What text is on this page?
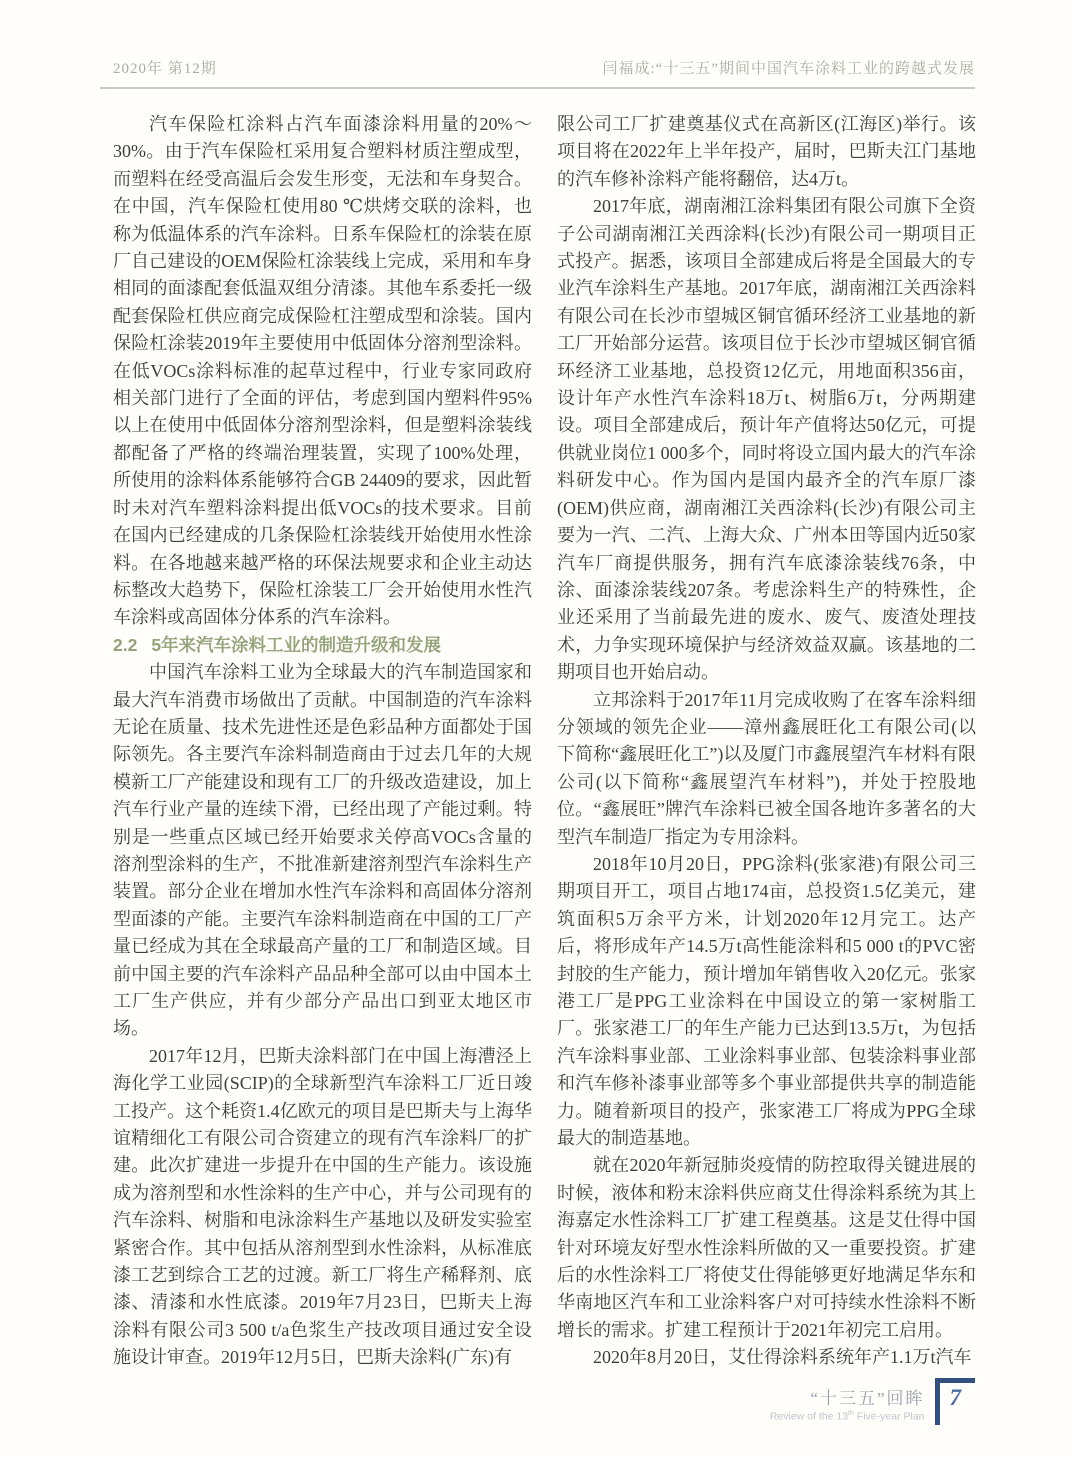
2020年 第12期	闫福成:“十三五”期间中国汽车涂料工业的跨越式发展

汽车保险杠涂料占汽车面漆涂料用量的20%～30%。由于汽车保险杠采用复合塑料材质注塑成型，而塑料在经受高温后会发生形变，无法和车身契合。在中国，汽车保险杠使用80 ℃烘烤交联的涂料，也称为低温体系的汽车涂料。日系车保险杠的涂装在原厂自己建设的OEM保险杠涂装线上完成，采用和车身相同的面漆配套低温双组分清漆。其他车系委托一级配套保险杠供应商完成保险杠注塑成型和涂装。国内保险杠涂装2019年主要使用中低固体分溶剂型涂料。在低VOCs涂料标准的起草过程中，行业专家同政府相关部门进行了全面的评估，考虑到国内塑料件95%以上在使用中低固体分溶剂型涂料，但是塑料涂装线都配备了严格的终端治理装置，实现了100%处理，所使用的涂料体系能够符合GB 24409的要求，因此暂时未对汽车塑料涂料提出低VOCs的技术要求。目前在国内已经建成的几条保险杠涂装线开始使用水性涂料。在各地越来越严格的环保法规要求和企业主动达标整改大趋势下，保险杠涂装工厂会开始使用水性汽车涂料或高固体分体系的汽车涂料。

2.2 5年来汽车涂料工业的制造升级和发展

中国汽车涂料工业为全球最大的汽车制造国家和最大汽车消费市场做出了贡献。中国制造的汽车涂料无论在质量、技术先进性还是色彩品种方面都处于国际领先。各主要汽车涂料制造商由于过去几年的大规模新工厂产能建设和现有工厂的升级改造建设，加上汽车行业产量的连续下滑，已经出现了产能过剩。特别是一些重点区域已经开始要求关停高VOCs含量的溶剂型涂料的生产，不批准新建溶剂型汽车涂料生产装置。部分企业在增加水性汽车涂料和高固体分溶剂型面漆的产能。主要汽车涂料制造商在中国的工厂产量已经成为其在全球最高产量的工厂和制造区域。目前中国主要的汽车涂料产品品种全部可以由中国本土工厂生产供应，并有少部分产品出口到亚太地区市场。

2017年12月，巴斯夫涂料部门在中国上海漕泾上海化学工业园(SCIP)的全球新型汽车涂料工厂近日竣工投产。这个耗资1.4亿欧元的项目是巴斯夫与上海华谊精细化工有限公司合资建立的现有汽车涂料厂的扩建。此次扩建进一步提升在中国的生产能力。该设施成为溶剂型和水性涂料的生产中心，并与公司现有的汽车涂料、树脂和电泳涂料生产基地以及研发实验室紧密合作。其中包括从溶剂型到水性涂料，从标准底漆工艺到综合工艺的过渡。新工厂将生产稀释剂、底漆、清漆和水性底漆。2019年7月23日，巴斯夫上海涂料有限公司3 500 t/a色浆生产技改项目通过安全设施设计审查。2019年12月5日，巴斯夫涂料(广东)有

限公司工厂扩建奠基仪式在高新区(江海区)举行。该项目将在2022年上半年投产，届时，巴斯夫江门基地的汽车修补涂料产能将翻倍，达4万t。

2017年底，湖南湘江涂料集团有限公司旗下全资子公司湖南湘江关西涂料(长沙)有限公司一期项目正式投产。据悉，该项目全部建成后将是全国最大的专业汽车涂料生产基地。2017年底，湖南湘江关西涂料有限公司在长沙市望城区铜官循环经济工业基地的新工厂开始部分运营。该项目位于长沙市望城区铜官循环经济工业基地，总投资12亿元，用地面积356亩，设计年产水性汽车涂料18万t、树脂6万t，分两期建设。项目全部建成后，预计年产值将达50亿元，可提供就业岗位1 000多个，同时将设立国内最大的汽车涂料研发中心。作为国内是国内最齐全的汽车原厂漆(OEM)供应商，湖南湘江关西涂料(长沙)有限公司主要为一汽、二汽、上海大众、广州本田等国内近50家汽车厂商提供服务，拥有汽车底漆涂装线76条，中涂、面漆涂装线207条。考虑涂料生产的特殊性，企业还采用了当前最先进的废水、废气、废渣处理技术，力争实现环境保护与经济效益双赢。该基地的二期项目也开始启动。

立邦涂料于2017年11月完成收购了在客车涂料细分领域的领先企业——漳州鑫展旺化工有限公司(以下简称“鑫展旺化工”)以及厦门市鑫展望汽车材料有限公司(以下简称“鑫展望汽车材料”)，并处于控股地位。“鑫展旺”牌汽车涂料已被全国各地许多著名的大型汽车制造厂指定为专用涂料。

2018年10月20日，PPG涂料(张家港)有限公司三期项目开工，项目占地174亩，总投资1.5亿美元，建筑面积5万余平方米，计划2020年12月完工。达产后，将形成年产14.5万t高性能涂料和5 000 t的PVC密封胶的生产能力，预计增加年销售收入20亿元。张家港工厂是PPG工业涂料在中国设立的第一家树脂工厂。张家港工厂的年生产能力已达到13.5万t，为包括汽车涂料事业部、工业涂料事业部、包装涂料事业部和汽车修补漆事业部等多个事业部提供共享的制造能力。随着新项目的投产，张家港工厂将成为PPG全球最大的制造基地。

就在2020年新冠肺炎疫情的防控取得关键进展的时候，液体和粉末涂料供应商艾仕得涂料系统为其上海嘉定水性涂料工厂扩建工程奠基。这是艾仕得中国针对环境友好型水性涂料所做的又一重要投资。扩建后的水性涂料工厂将使艾仕得能够更好地满足华东和华南地区汽车和工业涂料客户对可持续水性涂料不断增长的需求。扩建工程预计于2021年初完工启用。

2020年8月20日，艾仕得涂料系统年产1.1万t汽车

“十三五”回眸
Review of the 13th Five-year Plan
7
